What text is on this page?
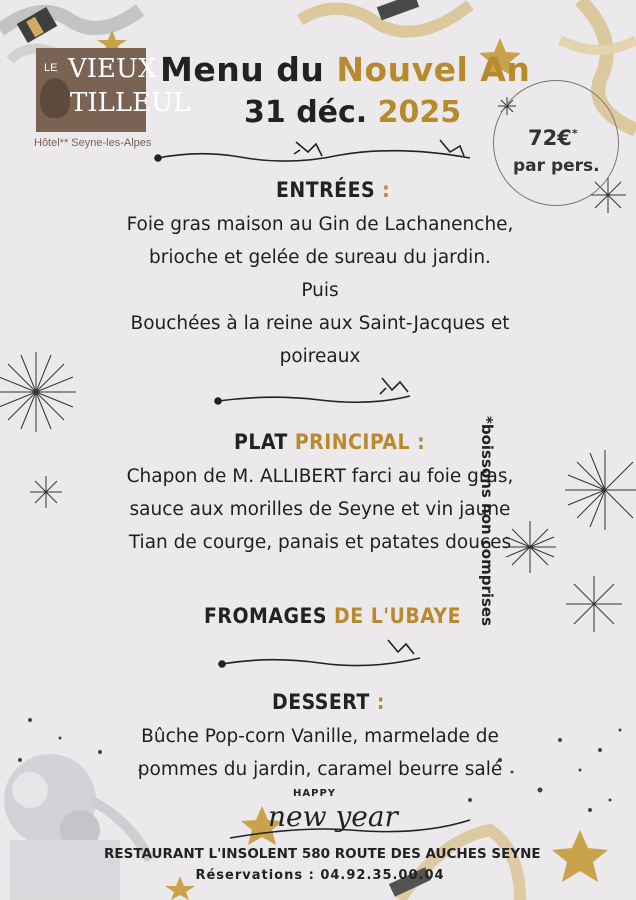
LE VIEUX
TILLEUL
Hôtel** Seyne-les-Alpes
Menu du Nouvel An
31 déc. 2025
72€*
par pers.
*boissons non comprises
ENTRÉES :
Foie gras maison au Gin de Lachanenche,
brioche et gelée de sureau du jardin.
Puis
Bouchées à la reine aux Saint-Jacques et
poireaux
PLAT PRINCIPAL :
Chapon de M. ALLIBERT farci au foie gras,
sauce aux morilles de Seyne et vin jaune
Tian de courge, panais et patates douces
FROMAGES DE L'UBAYE
DESSERT :
Bûche Pop-corn Vanille, marmelade de
pommes du jardin, caramel beurre salé
HAPPY
new year
RESTAURANT L'INSOLENT 580 ROUTE DES AUCHES SEYNE
Réservations : 04.92.35.00.04
